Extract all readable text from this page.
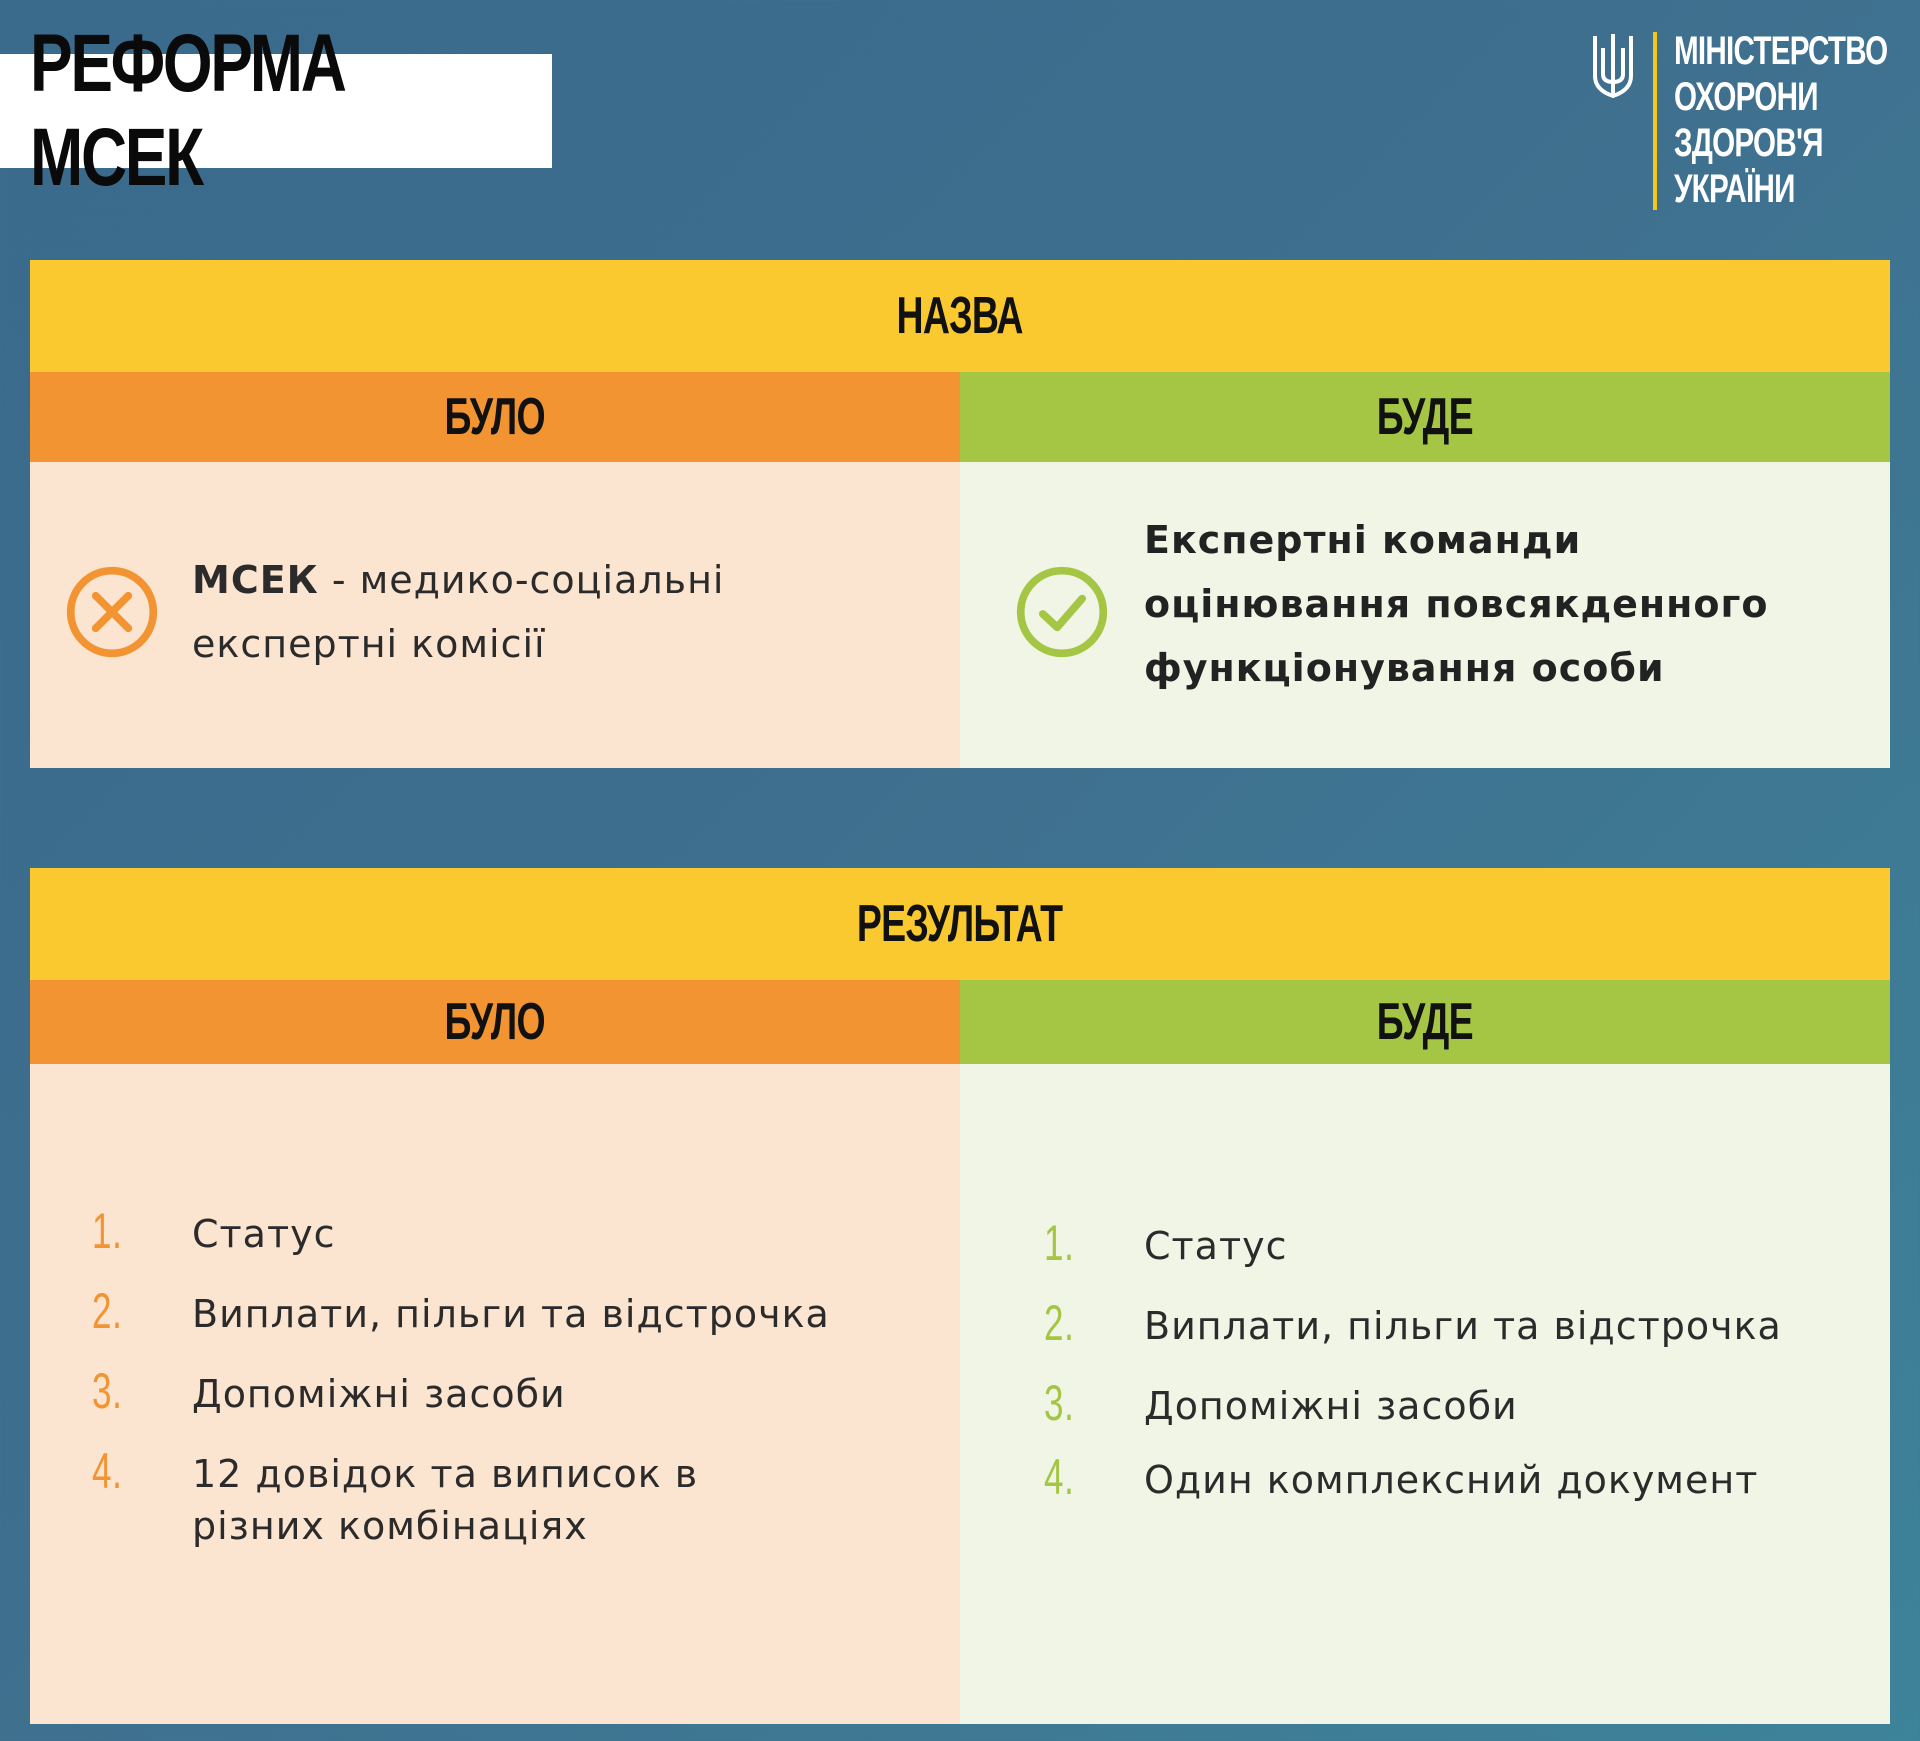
РЕФОРМА МСЕК
МІНІСТЕРСТВО
ОХОРОНИ
ЗДОРОВ'Я
УКРАЇНИ
НАЗВА
БУЛО	БУДЕ
МСЕК - медико-соціальні експертні комісії
Експертні команди оцінювання повсякденного функціонування особи
РЕЗУЛЬТАТ
БУЛО	БУДЕ
1. Статус
2. Виплати, пільги та відстрочка
3. Допоміжні засоби
4. 12 довідок та виписок в різних комбінаціях
1. Статус
2. Виплати, пільги та відстрочка
3. Допоміжні засоби
4. Один комплексний документ
